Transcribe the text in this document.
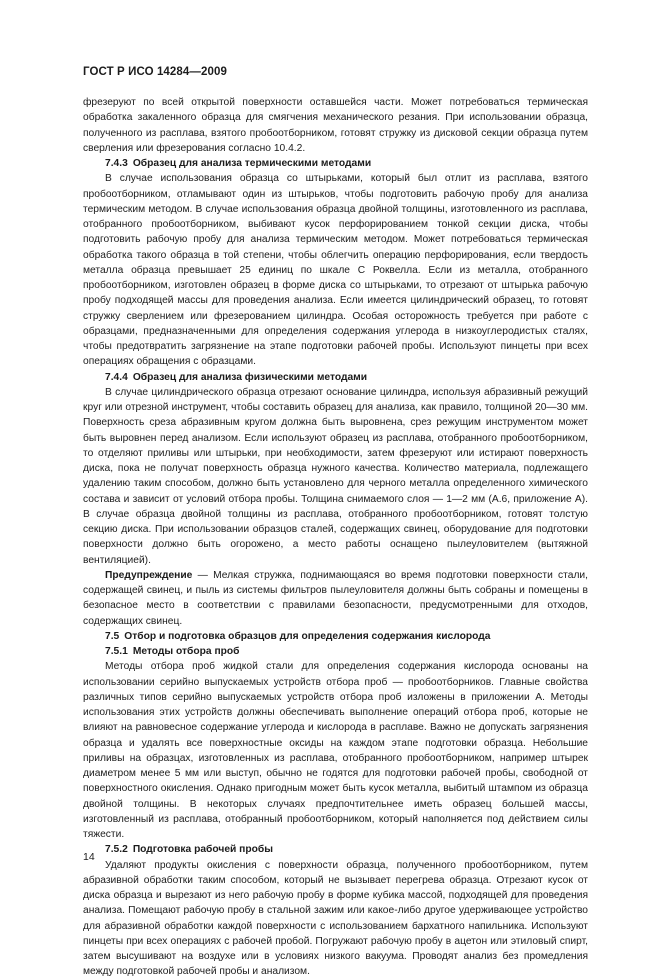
ГОСТ Р ИСО 14284—2009

фрезеруют по всей открытой поверхности оставшейся части. Может потребоваться термическая обработка закаленного образца для смягчения механического резания. При использовании образца, полученного из расплава, взятого пробоотборником, готовят стружку из дисковой секции образца путем сверления или фрезерования согласно 10.4.2.

7.4.3 Образец для анализа термическими методами

В случае использования образца со штырьками, который был отлит из расплава, взятого пробоотборником, отламывают один из штырьков, чтобы подготовить рабочую пробу для анализа термическим методом. В случае использования образца двойной толщины, изготовленного из расплава, отобранного пробоотборником, выбивают кусок перфорированием тонкой секции диска, чтобы подготовить рабочую пробу для анализа термическим методом. Может потребоваться термическая обработка такого образца в той степени, чтобы облегчить операцию перфорирования, если твердость металла образца превышает 25 единиц по шкале С Роквелла. Если из металла, отобранного пробоотборником, изготовлен образец в форме диска со штырьками, то отрезают от штырька рабочую пробу подходящей массы для проведения анализа. Если имеется цилиндрический образец, то готовят стружку сверлением или фрезерованием цилиндра. Особая осторожность требуется при работе с образцами, предназначенными для определения содержания углерода в низкоуглеродистых сталях, чтобы предотвратить загрязнение на этапе подготовки рабочей пробы. Используют пинцеты при всех операциях обращения с образцами.

7.4.4 Образец для анализа физическими методами

В случае цилиндрического образца отрезают основание цилиндра, используя абразивный режущий круг или отрезной инструмент, чтобы составить образец для анализа, как правило, толщиной 20—30 мм. Поверхность среза абразивным кругом должна быть выровнена, срез режущим инструментом может быть выровнен перед анализом. Если используют образец из расплава, отобранного пробоотборником, то отделяют приливы или штырьки, при необходимости, затем фрезеруют или истирают поверхность диска, пока не получат поверхность образца нужного качества. Количество материала, подлежащего удалению таким способом, должно быть установлено для черного металла определенного химического состава и зависит от условий отбора пробы. Толщина снимаемого слоя — 1—2 мм (А.6, приложение А). В случае образца двойной толщины из расплава, отобранного пробоотборником, готовят толстую секцию диска. При использовании образцов сталей, содержащих свинец, оборудование для подготовки поверхности должно быть огорожено, а место работы оснащено пылеуловителем (вытяжной вентиляцией).

Предупреждение — Мелкая стружка, поднимающаяся во время подготовки поверхности стали, содержащей свинец, и пыль из системы фильтров пылеуловителя должны быть собраны и помещены в безопасное место в соответствии с правилами безопасности, предусмотренными для отходов, содержащих свинец.

7.5 Отбор и подготовка образцов для определения содержания кислорода
7.5.1 Методы отбора проб

Методы отбора проб жидкой стали для определения содержания кислорода основаны на использовании серийно выпускаемых устройств отбора проб — пробоотборников. Главные свойства различных типов серийно выпускаемых устройств отбора проб изложены в приложении А. Методы использования этих устройств должны обеспечивать выполнение операций отбора проб, которые не влияют на равновесное содержание углерода и кислорода в расплаве. Важно не допускать загрязнения образца и удалять все поверхностные оксиды на каждом этапе подготовки образца. Небольшие приливы на образцах, изготовленных из расплава, отобранного пробоотборником, например штырек диаметром менее 5 мм или выступ, обычно не годятся для подготовки рабочей пробы, свободной от поверхностного окисления. Однако пригодным может быть кусок металла, выбитый штампом из образца двойной толщины. В некоторых случаях предпочтительнее иметь образец большей массы, изготовленный из расплава, отобранный пробоотборником, который наполняется под действием силы тяжести.

7.5.2 Подготовка рабочей пробы

Удаляют продукты окисления с поверхности образца, полученного пробоотборником, путем абразивной обработки таким способом, который не вызывает перегрева образца. Отрезают кусок от диска образца и вырезают из него рабочую пробу в форме кубика массой, подходящей для проведения анализа. Помещают рабочую пробу в стальной зажим или какое-либо другое удерживающее устройство для абразивной обработки каждой поверхности с использованием бархатного напильника. Используют пинцеты при всех операциях с рабочей пробой. Погружают рабочую пробу в ацетон или этиловый спирт, затем высушивают на воздухе или в условиях низкого вакуума. Проводят анализ без промедления между подготовкой рабочей пробы и анализом.

14
